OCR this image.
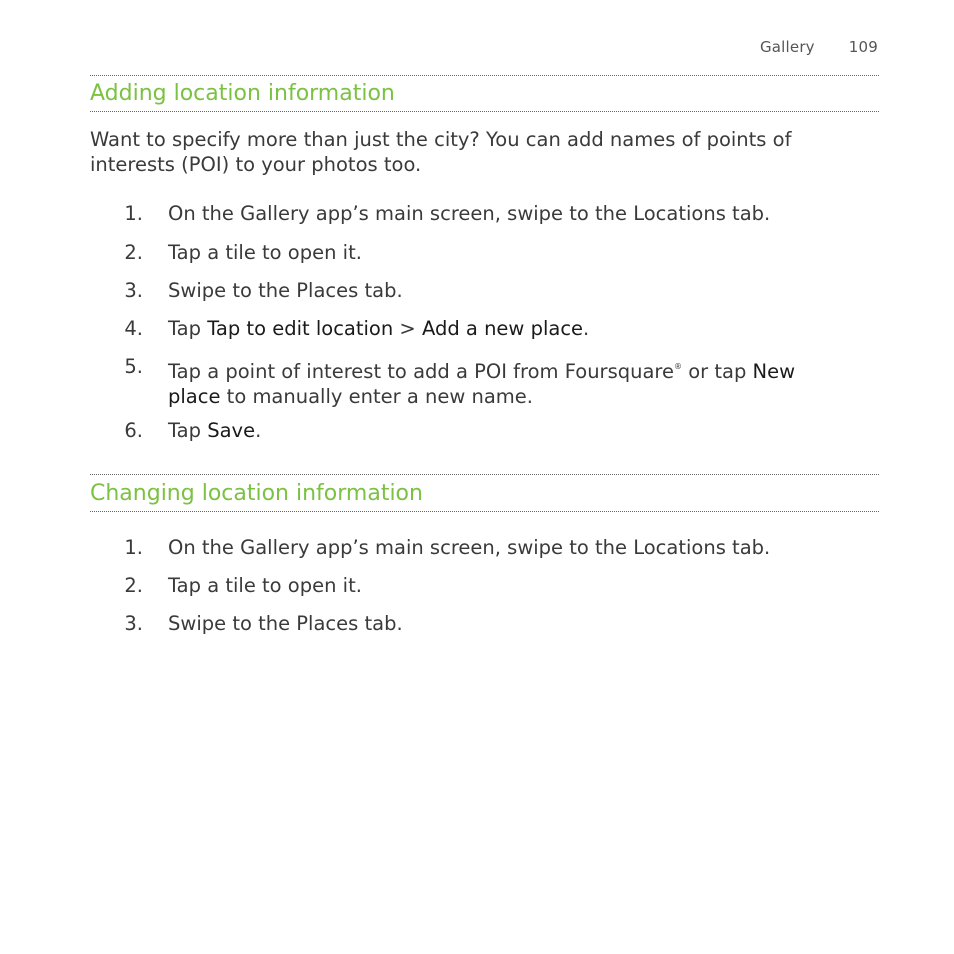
Gallery 109
Adding location information

Want to specify more than just the city? You can add names of points of interests (POI) to your photos too.

1. On the Gallery app’s main screen, swipe to the Locations tab.
2. Tap a tile to open it.
3. Swipe to the Places tab.
4. Tap Tap to edit location > Add a new place.
5. Tap a point of interest to add a POI from Foursquare® or tap New
place to manually enter a new name.
6. Tap Save.
Changing location information
1. On the Gallery app’s main screen, swipe to the Locations tab.
2. Tap a tile to open it.
3. Swipe to the Places tab.
